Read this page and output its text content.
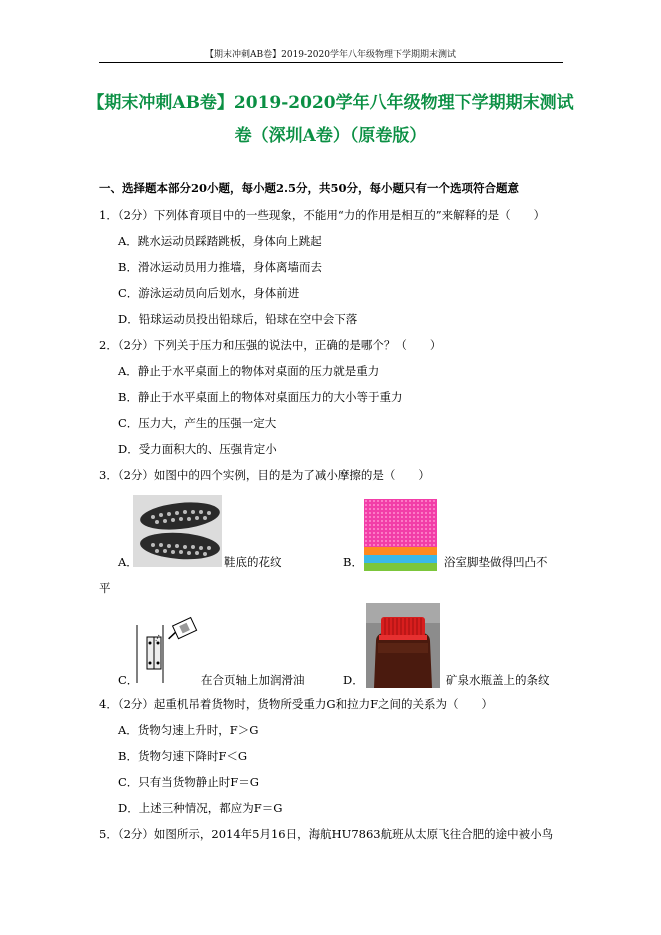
【期末冲刺AB卷】2019-2020学年八年级物理下学期期末测试
【期末冲刺AB卷】2019-2020学年八年级物理下学期期末测试
卷（深圳A卷）（原卷版）
一、选择题本部分20小题，每小题2.5分，共50分，每小题只有一个选项符合题意
1．（2分）下列体育项目中的一些现象，不能用“力的作用是相互的”来解释的是（　　）
A．跳水运动员踩踏跳板，身体向上跳起
B．滑冰运动员用力推墙，身体离墙而去
C．游泳运动员向后划水，身体前进
D．铅球运动员投出铅球后，铅球在空中会下落
2．（2分）下列关于压力和压强的说法中，正确的是哪个？（　　）
A．静止于水平桌面上的物体对桌面的压力就是重力
B．静止于水平桌面上的物体对桌面压力的大小等于重力
C．压力大，产生的压强一定大
D．受力面积大的、压强肯定小
3．（2分）如图中的四个实例，目的是为了减小摩擦的是（　　）
A．	鞋底的花纹	B．	浴室脚垫做得凹凸不
平
C．	在合页轴上加润滑油	D．	矿泉水瓶盖上的条纹
4．（2分）起重机吊着货物时，货物所受重力G和拉力F之间的关系为（　　）
A．货物匀速上升时，F＞G
B．货物匀速下降时F＜G
C．只有当货物静止时F＝G
D．上述三种情况，都应为F＝G
5．（2分）如图所示，2014年5月16日，海航HU7863航班从太原飞往合肥的途中被小鸟
